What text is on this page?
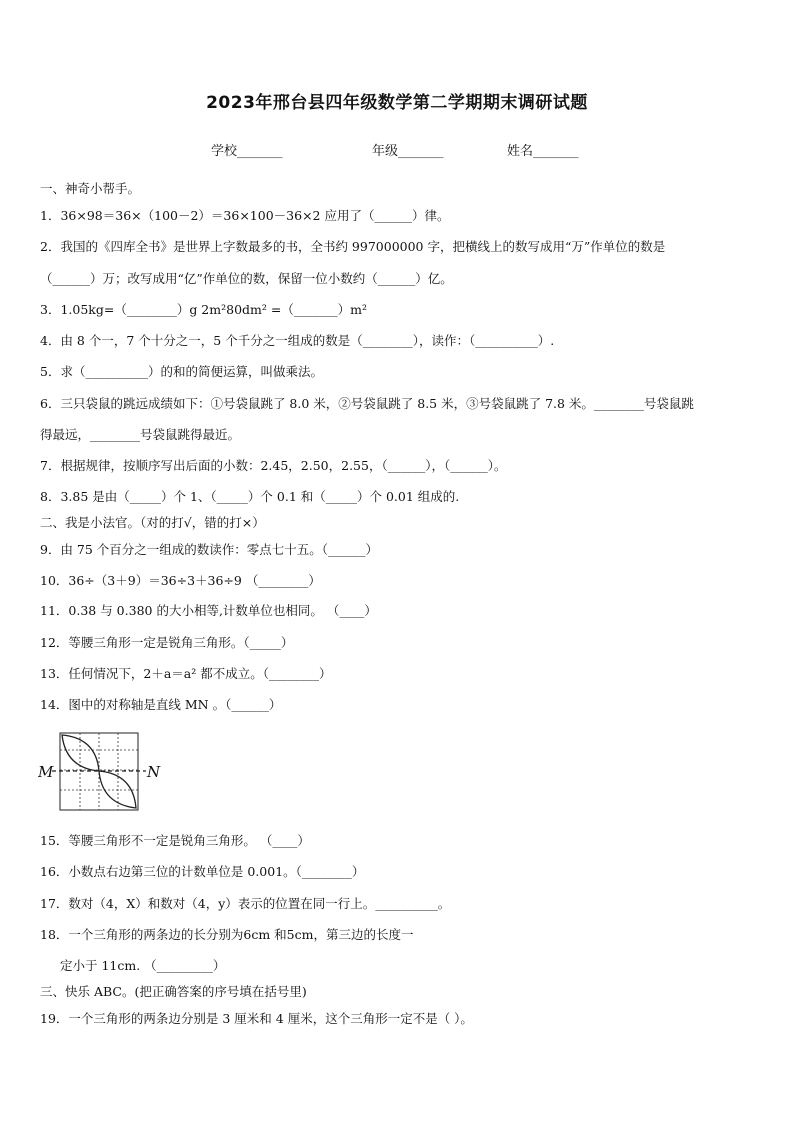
2023年邢台县四年级数学第二学期期末调研试题
学校_______	年级_______	姓名_______
一、神奇小帮手。
1．36×98＝36×（100－2）＝36×100－36×2 应用了（______）律。
2．我国的《四库全书》是世界上字数最多的书，全书约 997000000 字，把横线上的数写成用“万”作单位的数是
（______）万；改写成用“亿”作单位的数，保留一位小数约（______）亿。
3．1.05kg=（________）g 2m²80dm² =（_______）m²
4．由 8 个一，7 个十分之一，5 个千分之一组成的数是（________），读作：（__________）.
5．求（__________）的和的简便运算，叫做乘法。
6．三只袋鼠的跳远成绩如下：①号袋鼠跳了 8.0 米，②号袋鼠跳了 8.5 米，③号袋鼠跳了 7.8 米。________号袋鼠跳
得最远，________号袋鼠跳得最近。
7．根据规律，按顺序写出后面的小数：2.45，2.50，2.55，（______），（______）。
8．3.85 是由（_____）个 1、（_____）个 0.1 和（_____）个 0.01 组成的.
二、我是小法官。（对的打√，错的打×）
9．由 75 个百分之一组成的数读作：零点七十五。（______）
10．36÷（3＋9）＝36÷3＋36÷9 （________）
11．0.38 与 0.380 的大小相等,计数单位也相同。 （____）
12．等腰三角形一定是锐角三角形。（_____）
13．任何情况下，2＋a＝a² 都不成立。（________）
14．图中的对称轴是直线 MN 。（______）
M	N
15．等腰三角形不一定是锐角三角形。 （____）
16．小数点右边第三位的计数单位是 0.001。（________）
17．数对（4，X）和数对（4，y）表示的位置在同一行上。__________。
18．一个三角形的两条边的长分别为6cm 和5cm，第三边的长度一
定小于 11cm. （_________）
三、快乐 ABC。(把正确答案的序号填在括号里)
19．一个三角形的两条边分别是 3 厘米和 4 厘米，这个三角形一定不是（ ）。
